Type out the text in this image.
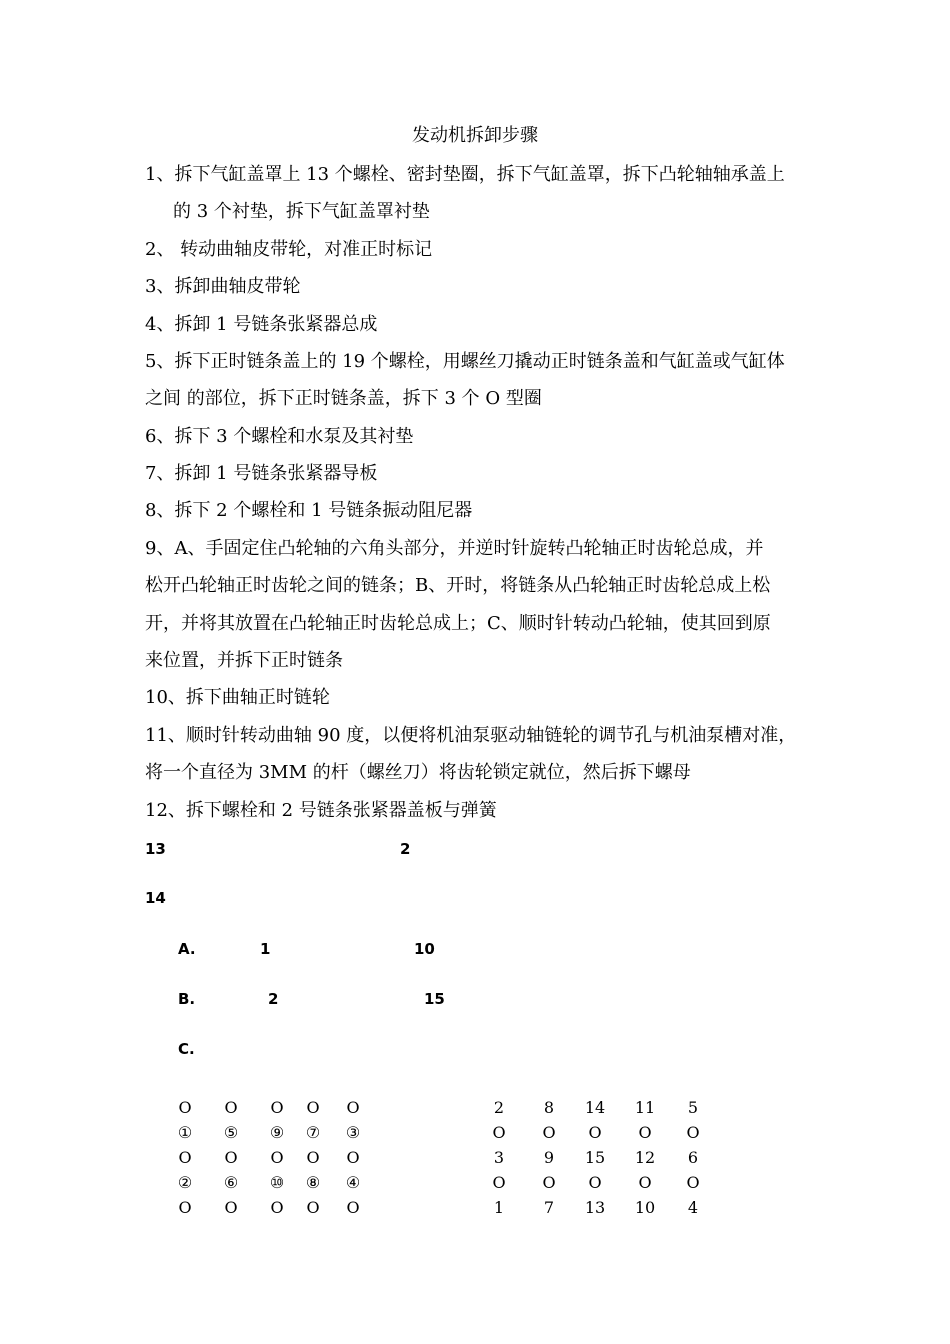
发动机拆卸步骤
1、拆下气缸盖罩上 13 个螺栓、密封垫圈，拆下气缸盖罩，拆下凸轮轴轴承盖上
的 3 个衬垫，拆下气缸盖罩衬垫
2、 转动曲轴皮带轮，对准正时标记
3、拆卸曲轴皮带轮
4、拆卸 1 号链条张紧器总成
5、拆下正时链条盖上的 19 个螺栓，用螺丝刀撬动正时链条盖和气缸盖或气缸体
之间 的部位，拆下正时链条盖，拆下 3 个 O 型圈
6、拆下 3 个螺栓和水泵及其衬垫
7、拆卸 1 号链条张紧器导板
8、拆下 2 个螺栓和 1 号链条振动阻尼器
9、A、手固定住凸轮轴的六角头部分，并逆时针旋转凸轮轴正时齿轮总成，并
松开凸轮轴正时齿轮之间的链条；B、开时，将链条从凸轮轴正时齿轮总成上松
开，并将其放置在凸轮轴正时齿轮总成上；C、顺时针转动凸轮轴，使其回到原
来位置，并拆下正时链条
10、拆下曲轴正时链轮
11、顺时针转动曲轴 90 度，以便将机油泵驱动轴链轮的调节孔与机油泵槽对准，
将一个直径为 3MM 的杆（螺丝刀）将齿轮锁定就位，然后拆下螺母
12、拆下螺栓和 2 号链条张紧器盖板与弹簧
13	2
14
A.	1	10
B.	2	15
C.
O	O	O	O	O
①	⑤	⑨	⑦	③
O	O	O	O	O
②	⑥	⑩	⑧	④
O	O	O	O	O
2	8	14	11	5
O	O	O	O	O
3	9	15	12	6
O	O	O	O	O
1	7	13	10	4
